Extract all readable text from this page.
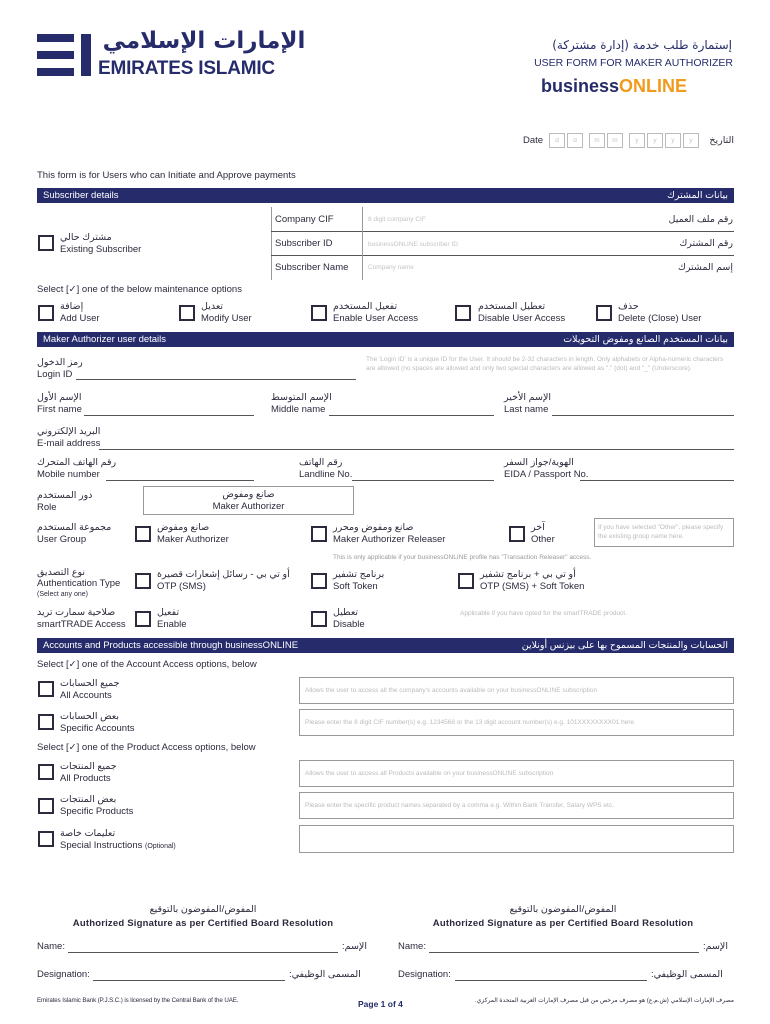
الإمارات الإسلامي
EMIRATES ISLAMIC
إستمارة طلب خدمة (إدارة مشتركة)
USER FORM FOR MAKER AUTHORIZER
businessONLINE
Date	d	d	m	m	y	y	y	y	التاريخ
This form is for Users who can Initiate and Approve payments
Subscriber details	بيانات المشترك
مشترك حالي
Existing Subscriber
Company CIF	8 digit company CIF	رقم ملف العميل
Subscriber ID	businessONLINE subscriber ID	رقم المشترك
Subscriber Name	Company name	إسم المشترك
Select [✓] one of the below maintenance options
إضافة
Add User
تعديل
Modify User
تفعيل المستخدم
Enable User Access
تعطيل المستخدم
Disable User Access
حذف
Delete (Close) User
Maker Authorizer user details	بيانات المستخدم الصانع ومفوض التحويلات
رمز الدخول
Login ID
The 'Login ID' is a unique ID for the User. It should be 2-32 characters in length. Only alphabets or Alpha-numeric characters are allowed (no spaces are allowed and only two special characters are allowed as "." (dot) and "_" (Underscore).
الإسم الأول
First name
الإسم المتوسط
Middle name
الإسم الأخير
Last name
البريد الإلكتروني
E-mail address
رقم الهاتف المتحرك
Mobile number
رقم الهاتف
Landline No.
الهوية/جواز السفر
EIDA / Passport No.
دور المستخدم
Role
صانع ومفوض
Maker Authorizer
مجموعة المستخدم
User Group
صانع ومفوض
Maker Authorizer
صانع ومفوض ومحرر
Maker Authorizer Releaser
آخر
Other
If you have selected "Other", please specify the existing group name here.
This is only applicable if your businessONLINE profile has "Transaction Releaser" access.
نوع التصديق
Authentication Type
(Select any one)
أو تي بي - رسائل إشعارات قصيرة
OTP (SMS)
برنامج تشفير
Soft Token
أو تي بي + برنامج تشفير
OTP (SMS) + Soft Token
صلاحية سمارت تريد
smartTRADE Access
تفعيل
Enable
تعطيل
Disable
Applicable if you have opted for the smartTRADE product.
Accounts and Products accessible through businessONLINE	الحسابات والمنتجات المسموح بها على بيزنس أونلاين
Select [✓] one of the Account Access options, below
جميع الحسابات
All Accounts	Allows the user to access all the company's accounts available on your businessONLINE subscription
بعض الحسابات
Specific Accounts
Please enter the 8 digit CIF number(s) e.g. 1234568 or the 13 digit account number(s) e.g. 101XXXXXXXX01 here
Select [✓] one of the Product Access options, below
جميع المنتجات
All Products	Allows the user to access all Products available on your businessONLINE subscription
بعض المنتجات
Specific Products
Please enter the specific product names separated by a comma e.g. Within Bank Transfer, Salary WPS etc.
تعليمات خاصة
Special Instructions (Optional)
المفوض/المفوضون بالتوقيع
Authorized Signature as per Certified Board Resolution
المفوض/المفوضون بالتوقيع
Authorized Signature as per Certified Board Resolution
Name:	الإسم:	Name:	الإسم:
Designation:	المسمى الوظيفي:	Designation:	المسمى الوظيفي:
Emirates Islamic Bank (P.J.S.C.) is licensed by the Central Bank of the UAE.	Page 1 of 4	مصرف الإمارات الإسلامي (ش.م.ع) هو مصرف مرخص من قبل مصرف الإمارات العربية المتحدة المركزي.
